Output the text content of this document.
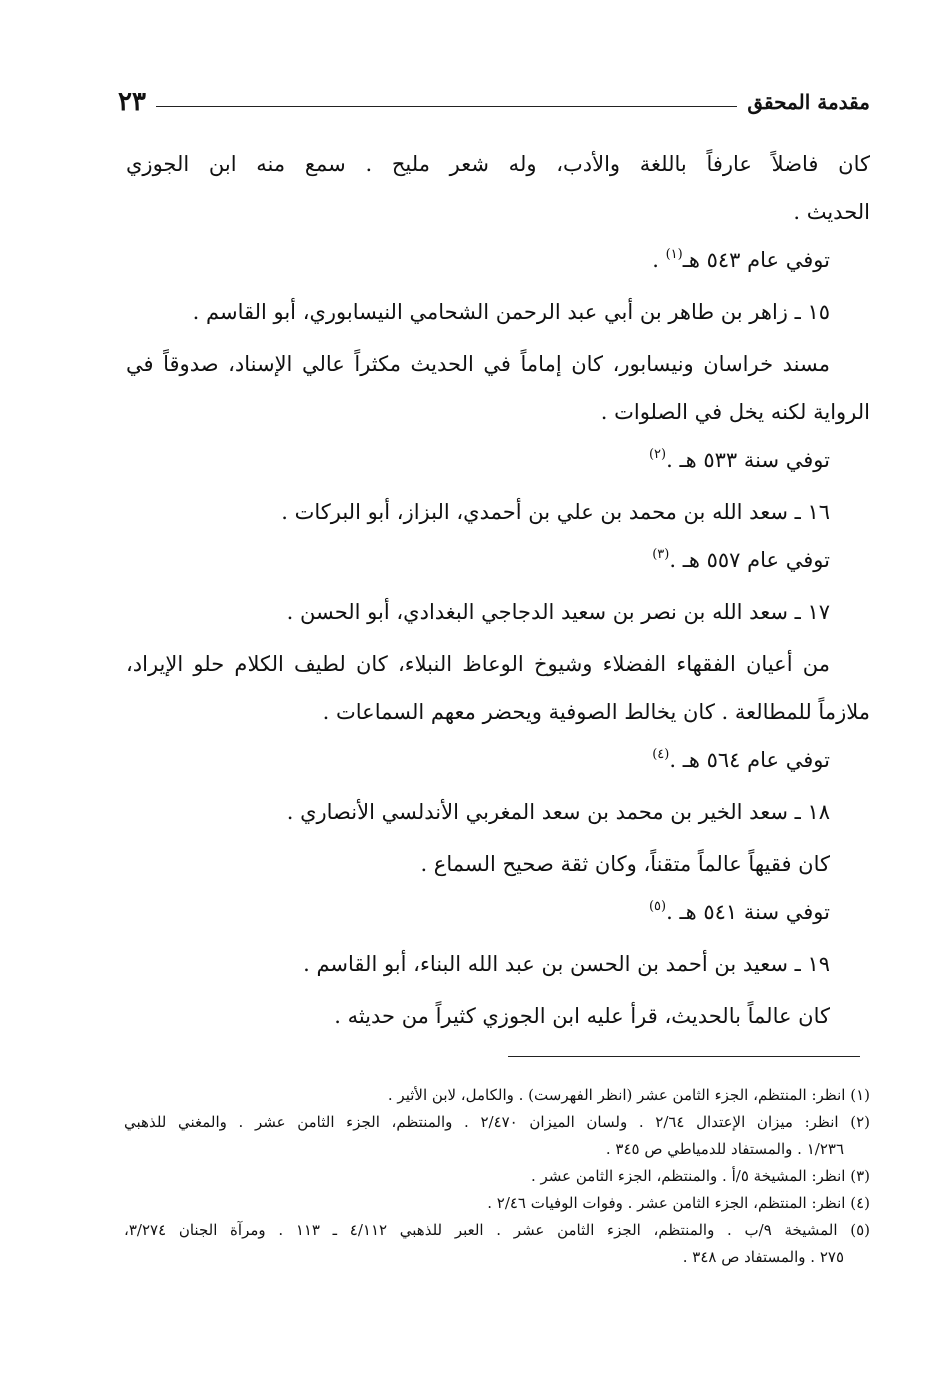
مقدمة المحقق
٢٣
كان فاضلاً عارفاً باللغة والأدب، وله شعر مليح . سمع منه ابن الجوزي
الحديث .
توفي عام ٥٤٣ هـ$^{(١)}$ .
١٥ ـ زاهر بن طاهر بن أبي عبد الرحمن الشحامي النيسابوري، أبو القاسم .
مسند خراسان ونيسابور، كان إماماً في الحديث مكثراً عالي الإسناد، صدوقاً في
الرواية لكنه يخل في الصلوات .
توفي سنة ٥٣٣ هـ .$^{(٢)}$
١٦ ـ سعد الله بن محمد بن علي بن أحمدي، البزاز، أبو البركات .
توفي عام ٥٥٧ هـ .$^{(٣)}$
١٧ ـ سعد الله بن نصر بن سعيد الدجاجي البغدادي، أبو الحسن .
من أعيان الفقهاء الفضلاء وشيوخ الوعاظ النبلاء، كان لطيف الكلام حلو الإيراد،
ملازماً للمطالعة . كان يخالط الصوفية ويحضر معهم السماعات .
توفي عام ٥٦٤ هـ .$^{(٤)}$
١٨ ـ سعد الخير بن محمد بن سعد المغربي الأندلسي الأنصاري .
كان فقيهاً عالماً متقناً، وكان ثقة صحيح السماع .
توفي سنة ٥٤١ هـ .$^{(٥)}$
١٩ ـ سعيد بن أحمد بن الحسن بن عبد الله البناء، أبو القاسم .
كان عالماً بالحديث، قرأ عليه ابن الجوزي كثيراً من حديثه .
(١) انظر: المنتظم، الجزء الثامن عشر (انظر الفهرست) . والكامل، لابن الأثير .
(٢) انظر: ميزان الإعتدال ٢/٦٤ . ولسان الميزان ٢/٤٧٠ . والمنتظم، الجزء الثامن عشر . والمغني للذهبي
١/٢٣٦ . والمستفاد للدمياطي ص ٣٤٥ .
(٣) انظر: المشيخة ٥/أ . والمنتظم، الجزء الثامن عشر .
(٤) انظر: المنتظم، الجزء الثامن عشر . وفوات الوفيات ٢/٤٦ .
(٥) المشيخة ٩/ب . والمنتظم، الجزء الثامن عشر . العبر للذهبي ٤/١١٢ ـ ١١٣ . ومرآة الجنان ٣/٢٧٤،
٢٧٥ . والمستفاد ص ٣٤٨ .
